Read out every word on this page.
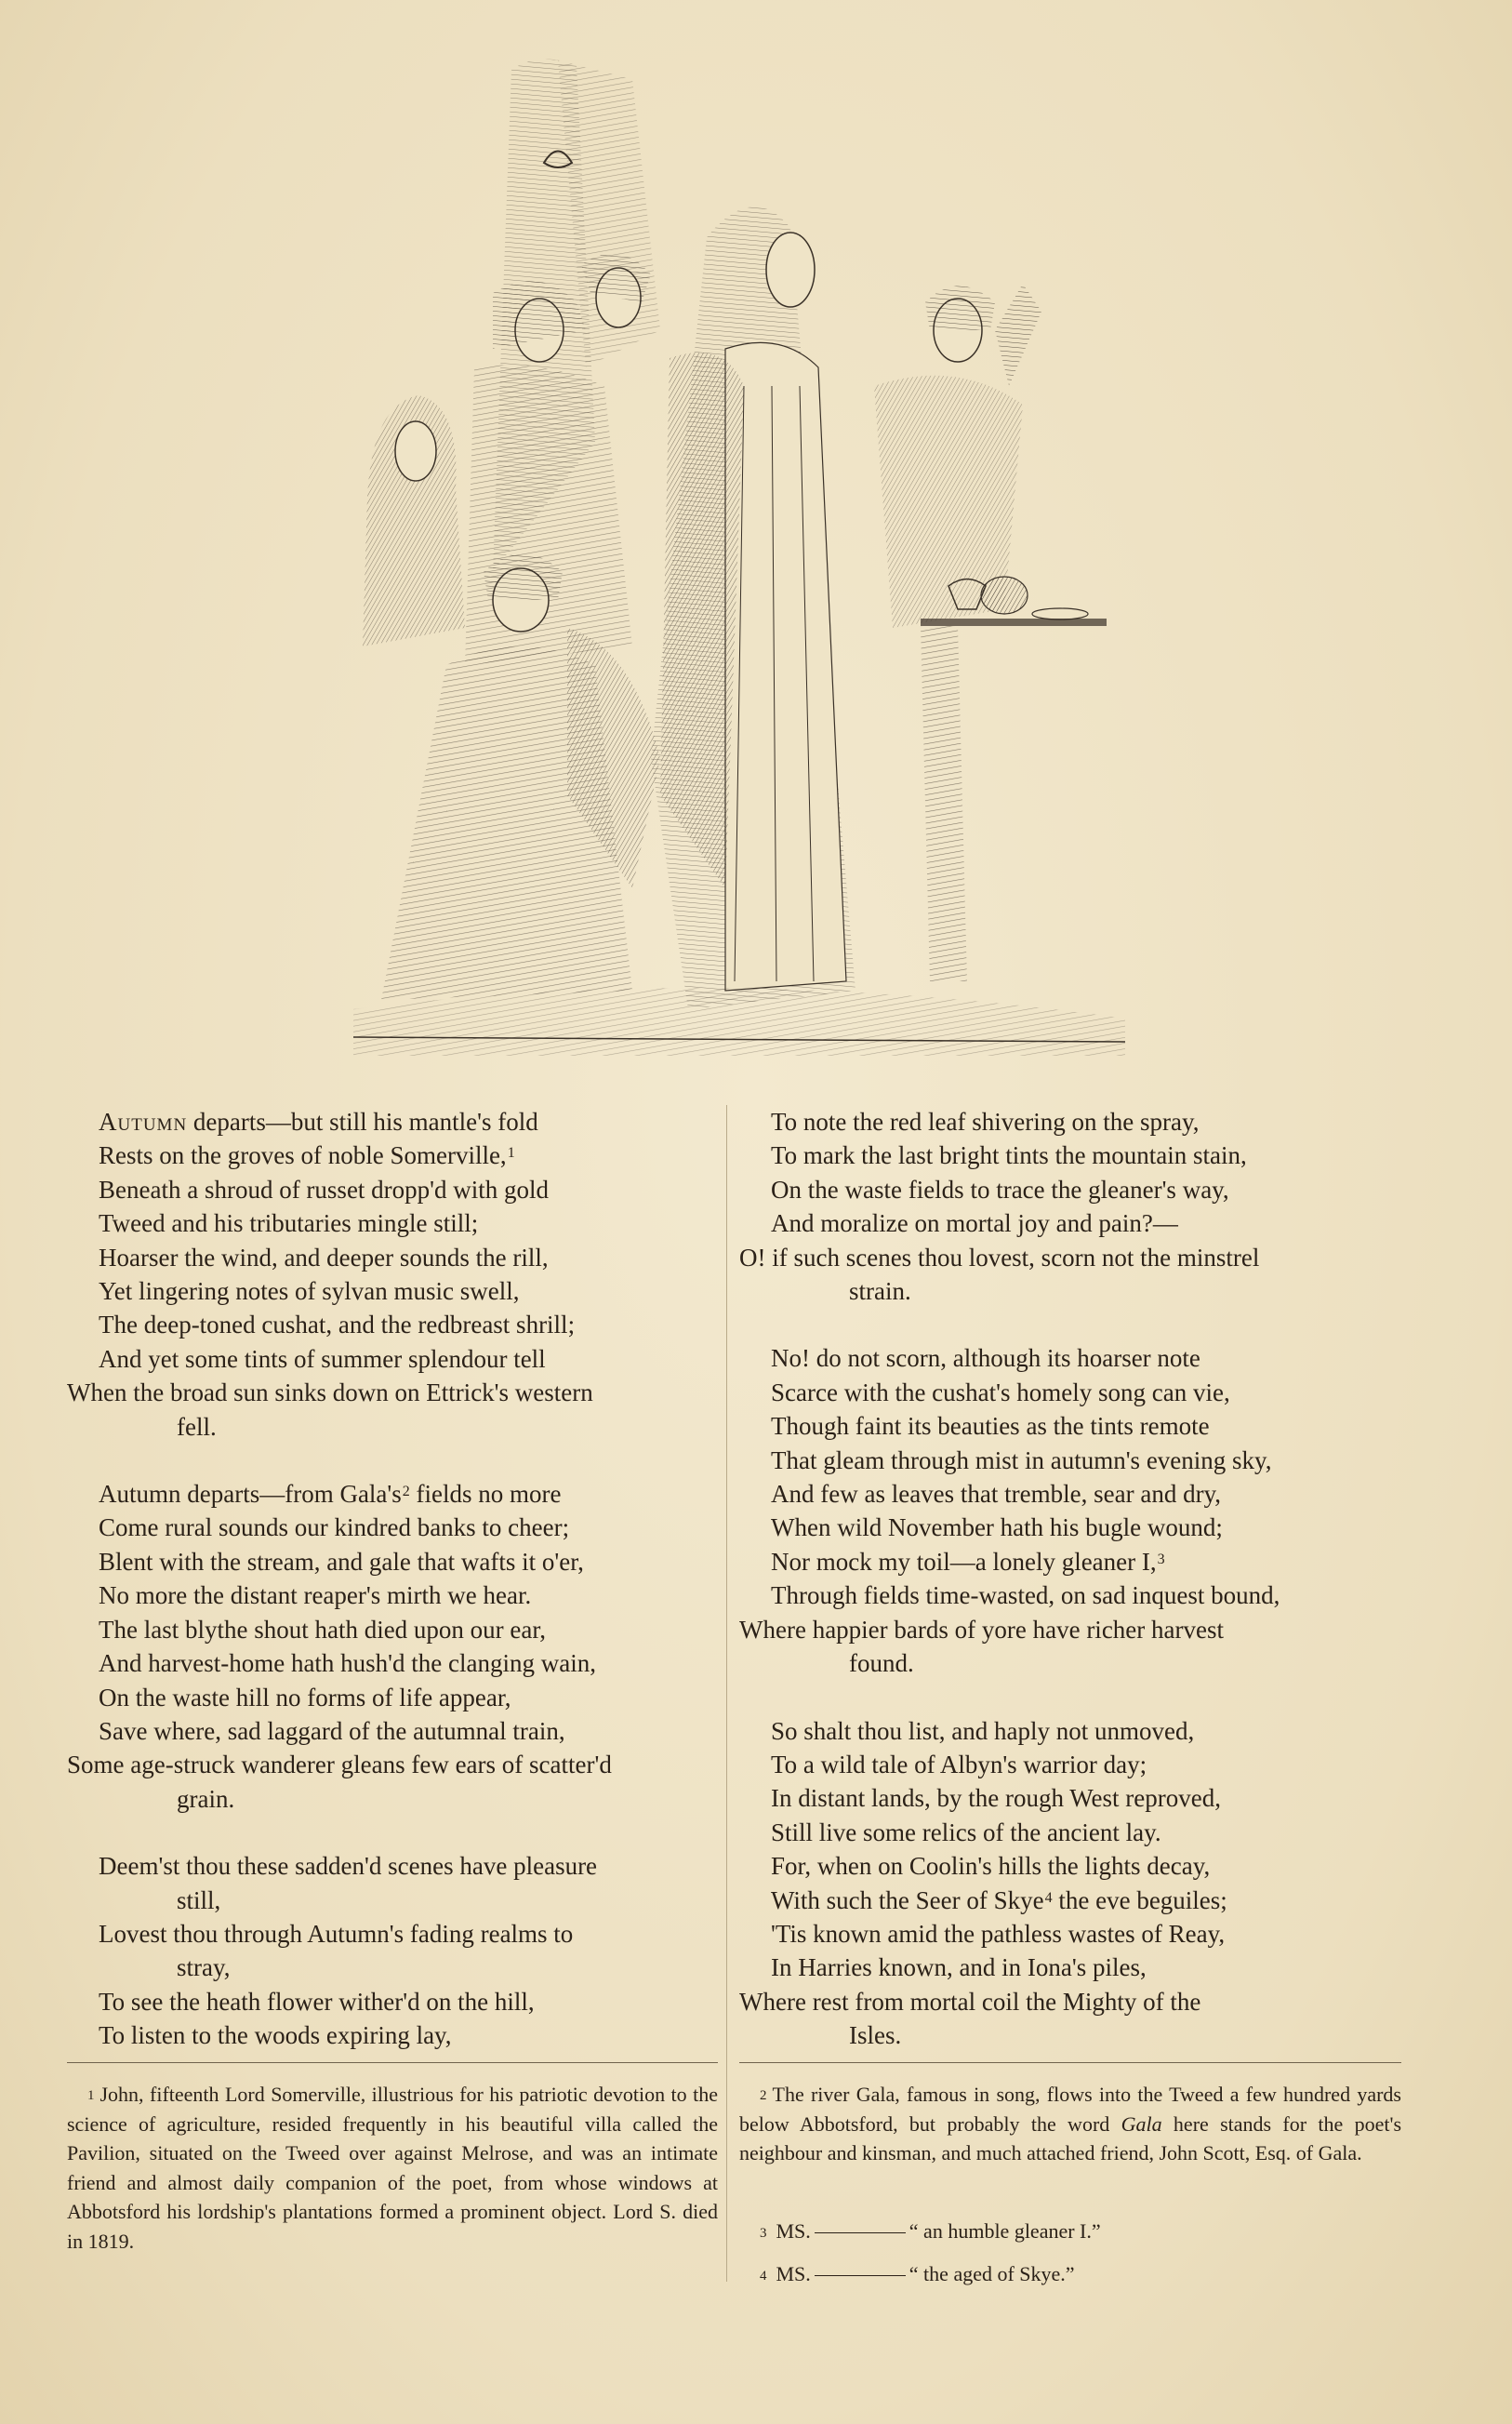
Autumn departs—but still his mantle's fold
Rests on the groves of noble Somerville,$^1$
Beneath a shroud of russet dropp'd with gold
Tweed and his tributaries mingle still;
Hoarser the wind, and deeper sounds the rill,
Yet lingering notes of sylvan music swell,
The deep-toned cushat, and the redbreast shrill;
And yet some tints of summer splendour tell
When the broad sun sinks down on Ettrick's western
fell.
Autumn departs—from Gala's$^2$ fields no more
Come rural sounds our kindred banks to cheer;
Blent with the stream, and gale that wafts it o'er,
No more the distant reaper's mirth we hear.
The last blythe shout hath died upon our ear,
And harvest-home hath hush'd the clanging wain,
On the waste hill no forms of life appear,
Save where, sad laggard of the autumnal train,
Some age-struck wanderer gleans few ears of scatter'd
grain.
Deem'st thou these sadden'd scenes have pleasure
still,
Lovest thou through Autumn's fading realms to
stray,
To see the heath flower wither'd on the hill,
To listen to the woods expiring lay,
To note the red leaf shivering on the spray,
To mark the last bright tints the mountain stain,
On the waste fields to trace the gleaner's way,
And moralize on mortal joy and pain?—
O! if such scenes thou lovest, scorn not the minstrel
strain.
No! do not scorn, although its hoarser note
Scarce with the cushat's homely song can vie,
Though faint its beauties as the tints remote
That gleam through mist in autumn's evening sky,
And few as leaves that tremble, sear and dry,
When wild November hath his bugle wound;
Nor mock my toil—a lonely gleaner I,$^3$
Through fields time-wasted, on sad inquest bound,
Where happier bards of yore have richer harvest
found.
So shalt thou list, and haply not unmoved,
To a wild tale of Albyn's warrior day;
In distant lands, by the rough West reproved,
Still live some relics of the ancient lay.
For, when on Coolin's hills the lights decay,
With such the Seer of Skye$^4$ the eve beguiles;
'Tis known amid the pathless wastes of Reay,
In Harries known, and in Iona's piles,
Where rest from mortal coil the Mighty of the
Isles.
$^1$ John, fifteenth Lord Somerville, illustrious for his patriotic devotion to the science of agriculture, resided frequently in his beautiful villa called the Pavilion, situated on the Tweed over against Melrose, and was an intimate friend and almost daily companion of the poet, from whose windows at Abbotsford his lordship's plantations formed a prominent object. Lord S. died in 1819.
$^2$ The river Gala, famous in song, flows into the Tweed a few hundred yards below Abbotsford, but probably the word Gala here stands for the poet's neighbour and kinsman, and much attached friend, John Scott, Esq. of Gala.
$^3$ MS.	“ an humble gleaner I.”
$^4$ MS.	“ the aged of Skye.”
